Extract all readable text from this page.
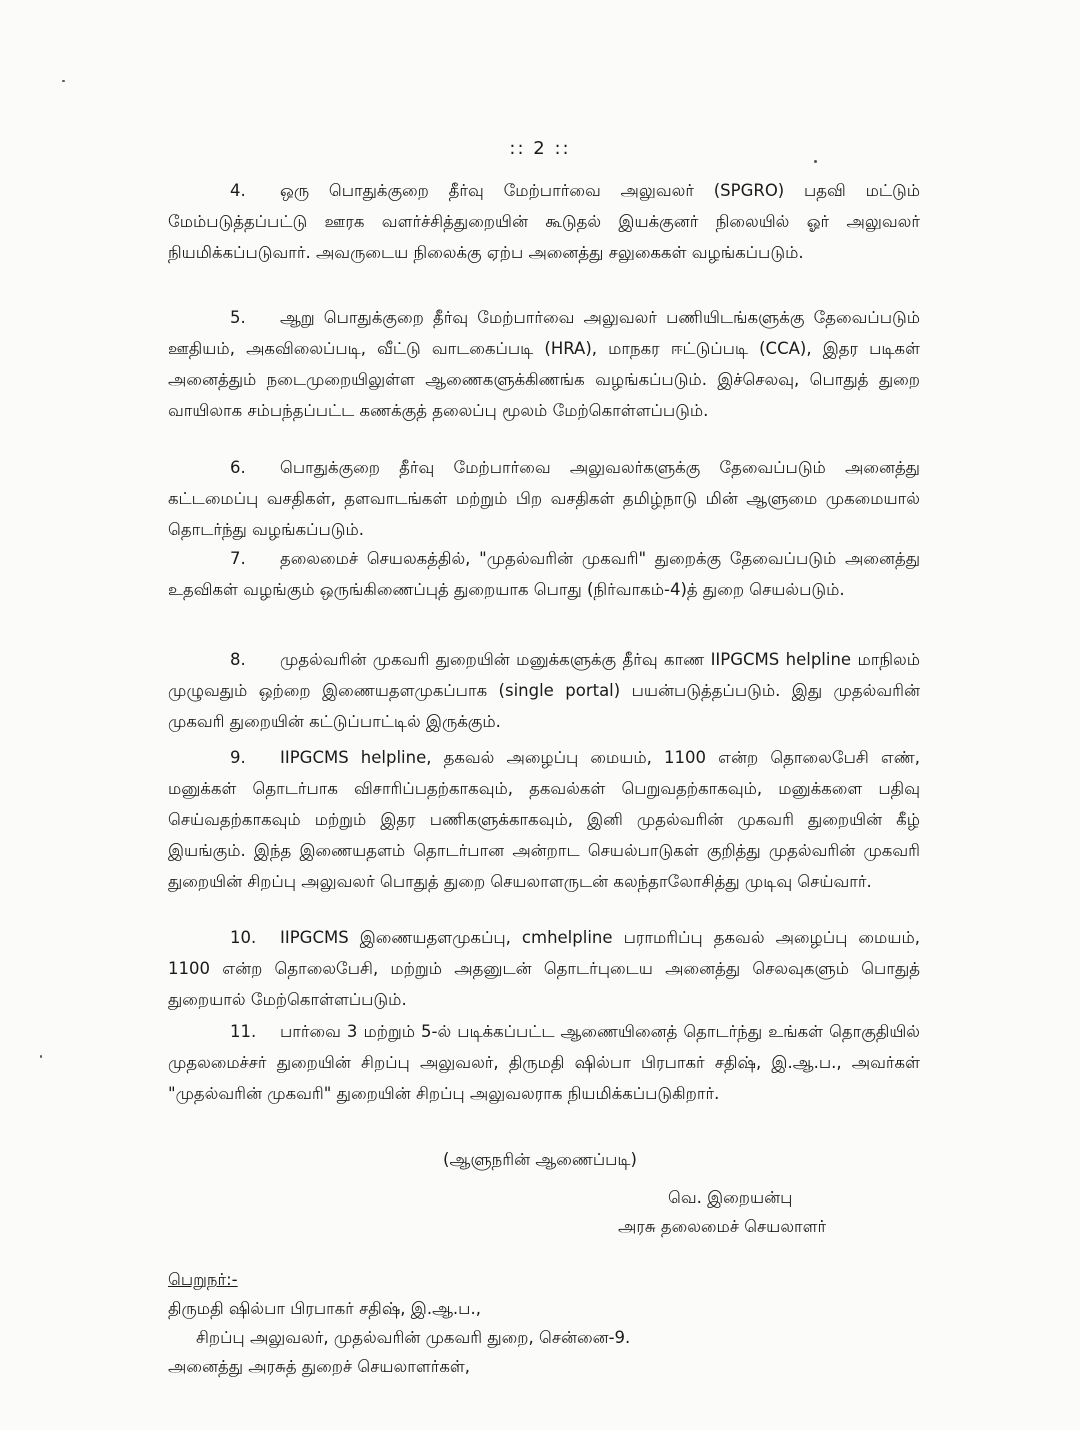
:: 2 ::

4. ஒரு பொதுக்குறை தீர்வு மேற்பார்வை அலுவலர் (SPGRO) பதவி மட்டும் மேம்படுத்தப்பட்டு ஊரக வளர்ச்சித்துறையின் கூடுதல் இயக்குனர் நிலையில் ஓர் அலுவலர் நியமிக்கப்படுவார். அவருடைய நிலைக்கு ஏற்ப அனைத்து சலுகைகள் வழங்கப்படும்.

5. ஆறு பொதுக்குறை தீர்வு மேற்பார்வை அலுவலர் பணியிடங்களுக்கு தேவைப்படும் ஊதியம், அகவிலைப்படி, வீட்டு வாடகைப்படி (HRA), மாநகர ஈட்டுப்படி (CCA), இதர படிகள் அனைத்தும் நடைமுறையிலுள்ள ஆணைகளுக்கிணங்க வழங்கப்படும். இச்செலவு, பொதுத் துறை வாயிலாக சம்பந்தப்பட்ட கணக்குத் தலைப்பு மூலம் மேற்கொள்ளப்படும்.

6. பொதுக்குறை தீர்வு மேற்பார்வை அலுவலர்களுக்கு தேவைப்படும் அனைத்து கட்டமைப்பு வசதிகள், தளவாடங்கள் மற்றும் பிற வசதிகள் தமிழ்நாடு மின் ஆளுமை முகமையால் தொடர்ந்து வழங்கப்படும்.

7. தலைமைச் செயலகத்தில், "முதல்வரின் முகவரி" துறைக்கு தேவைப்படும் அனைத்து உதவிகள் வழங்கும் ஒருங்கிணைப்புத் துறையாக பொது (நிர்வாகம்-4)த் துறை செயல்படும்.

8. முதல்வரின் முகவரி துறையின் மனுக்களுக்கு தீர்வு காண IIPGCMS helpline மாநிலம் முழுவதும் ஒற்றை இணையதளமுகப்பாக (single portal) பயன்படுத்தப்படும். இது முதல்வரின் முகவரி துறையின் கட்டுப்பாட்டில் இருக்கும்.

9. IIPGCMS helpline, தகவல் அழைப்பு மையம், 1100 என்ற தொலைபேசி எண், மனுக்கள் தொடர்பாக விசாரிப்பதற்காகவும், தகவல்கள் பெறுவதற்காகவும், மனுக்களை பதிவு செய்வதற்காகவும் மற்றும் இதர பணிகளுக்காகவும், இனி முதல்வரின் முகவரி துறையின் கீழ் இயங்கும். இந்த இணையதளம் தொடர்பான அன்றாட செயல்பாடுகள் குறித்து முதல்வரின் முகவரி துறையின் சிறப்பு அலுவலர் பொதுத் துறை செயலாளருடன் கலந்தாலோசித்து முடிவு செய்வார்.

10. IIPGCMS இணையதளமுகப்பு, cmhelpline பராமரிப்பு தகவல் அழைப்பு மையம், 1100 என்ற தொலைபேசி, மற்றும் அதனுடன் தொடர்புடைய அனைத்து செலவுகளும் பொதுத் துறையால் மேற்கொள்ளப்படும்.

11. பார்வை 3 மற்றும் 5-ல் படிக்கப்பட்ட ஆணையினைத் தொடர்ந்து உங்கள் தொகுதியில் முதலமைச்சர் துறையின் சிறப்பு அலுவலர், திருமதி ஷில்பா பிரபாகர் சதிஷ், இ.ஆ.ப., அவர்கள் "முதல்வரின் முகவரி" துறையின் சிறப்பு அலுவலராக நியமிக்கப்படுகிறார்.

(ஆளுநரின் ஆணைப்படி)
வெ. இறையன்பு
அரசு தலைமைச் செயலாளர்
பெறுநர்:-
திருமதி ஷில்பா பிரபாகர் சதிஷ், இ.ஆ.ப.,
சிறப்பு அலுவலர், முதல்வரின் முகவரி துறை, சென்னை-9.
அனைத்து அரசுத் துறைச் செயலாளர்கள்,
